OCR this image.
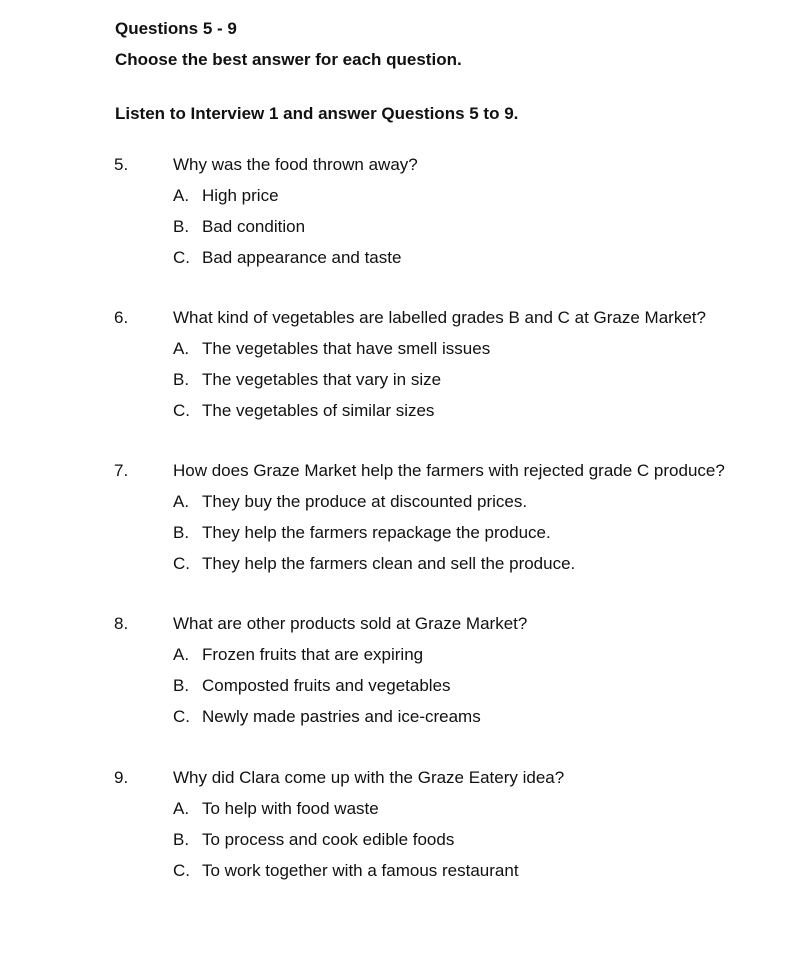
Questions 5 - 9
Choose the best answer for each question.
Listen to Interview 1 and answer Questions 5 to 9.
5.	Why was the food thrown away?
A. High price
B. Bad condition
C. Bad appearance and taste
6.	What kind of vegetables are labelled grades B and C at Graze Market?
A. The vegetables that have smell issues
B. The vegetables that vary in size
C. The vegetables of similar sizes
7.	How does Graze Market help the farmers with rejected grade C produce?
A. They buy the produce at discounted prices.
B. They help the farmers repackage the produce.
C. They help the farmers clean and sell the produce.
8.	What are other products sold at Graze Market?
A. Frozen fruits that are expiring
B. Composted fruits and vegetables
C. Newly made pastries and ice-creams
9.	Why did Clara come up with the Graze Eatery idea?
A. To help with food waste
B. To process and cook edible foods
C. To work together with a famous restaurant
